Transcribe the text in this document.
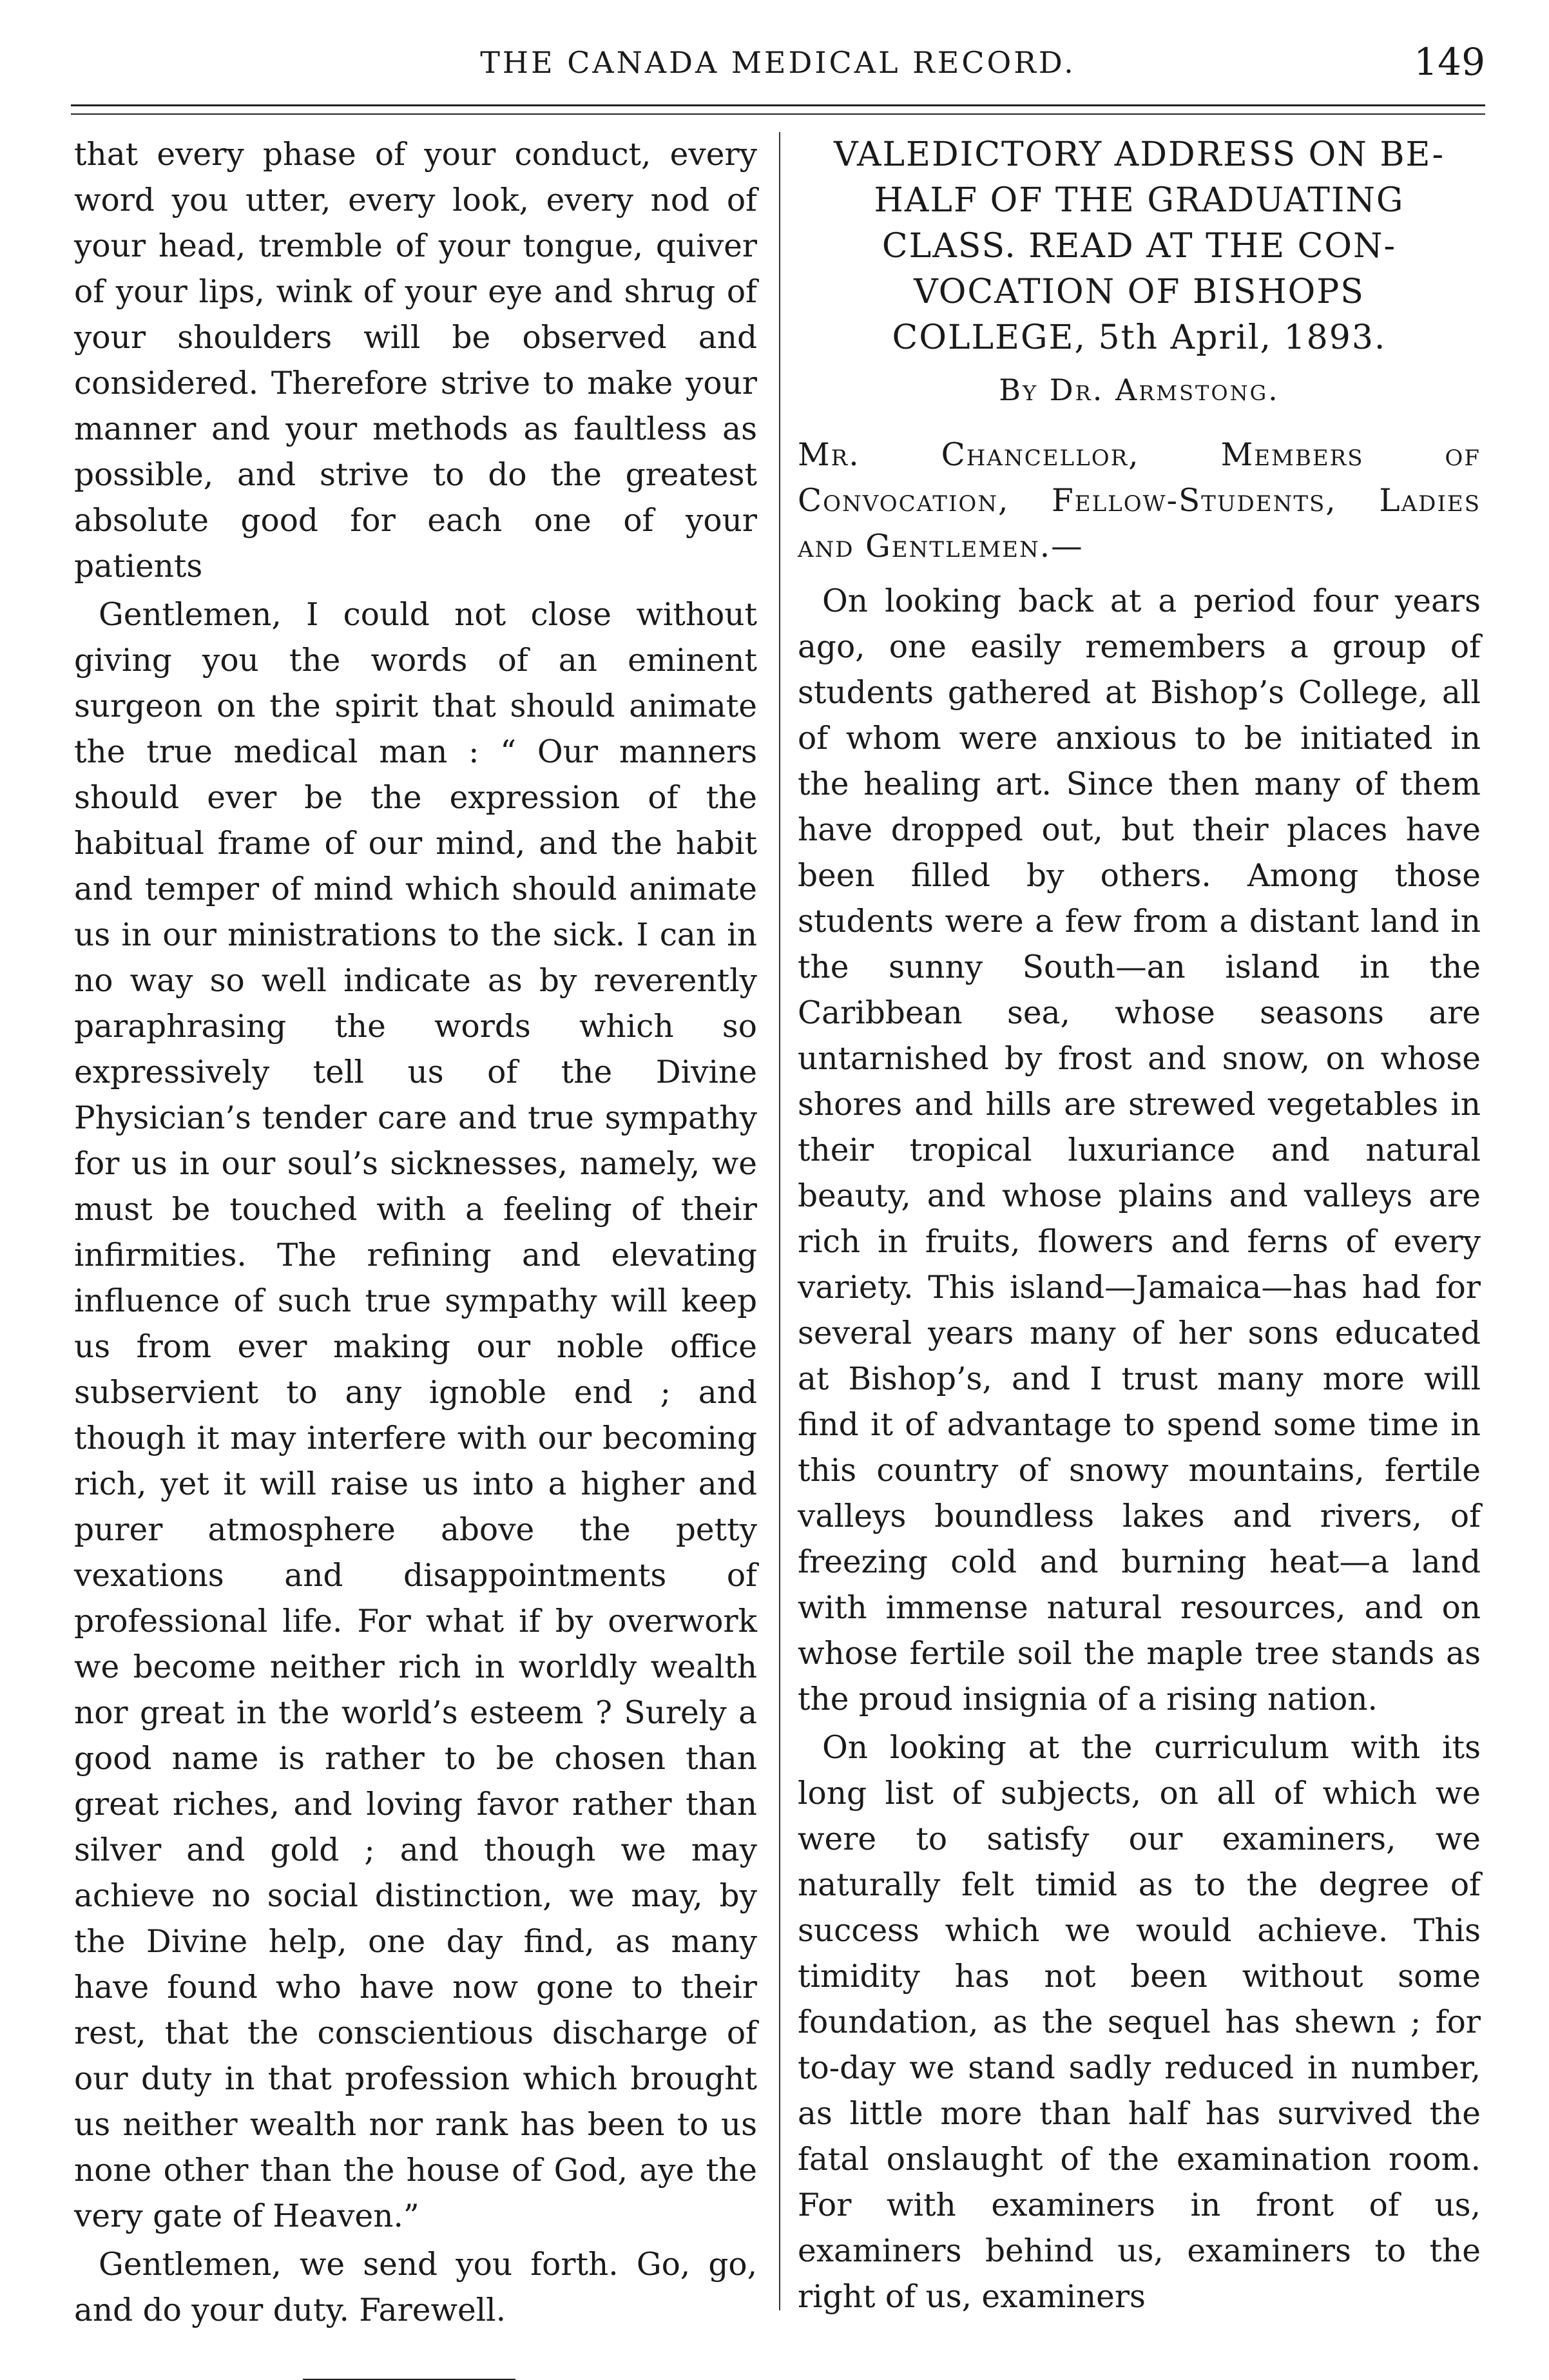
THE CANADA MEDICAL RECORD.	149

that every phase of your conduct, every word you utter, every look, every nod of your head, tremble of your tongue, quiver of your lips, wink of your eye and shrug of your shoulders will be observed and considered. Therefore strive to make your manner and your methods as faultless as possible, and strive to do the greatest absolute good for each one of your patients

Gentlemen, I could not close without giving you the words of an eminent surgeon on the spirit that should animate the true medical man : “ Our manners should ever be the expression of the habitual frame of our mind, and the habit and temper of mind which should animate us in our ministrations to the sick. I can in no way so well indicate as by reverently paraphrasing the words which so expressively tell us of the Divine Physician’s tender care and true sympathy for us in our soul’s sicknesses, namely, we must be touched with a feeling of their infirmities. The refining and elevating influence of such true sympathy will keep us from ever making our noble office subservient to any ignoble end ; and though it may interfere with our becoming rich, yet it will raise us into a higher and purer atmosphere above the petty vexations and disappointments of professional life. For what if by overwork we become neither rich in worldly wealth nor great in the world’s esteem ? Surely a good name is rather to be chosen than great riches, and loving favor rather than silver and gold ; and though we may achieve no social distinction, we may, by the Divine help, one day find, as many have found who have now gone to their rest, that the conscientious discharge of our duty in that profession which brought us neither wealth nor rank has been to us none other than the house of God, aye the very gate of Heaven.”

Gentlemen, we send you forth. Go, go, and do your duty. Farewell.

VALEDICTORY ADDRESS ON BE-
HALF OF THE GRADUATING
CLASS. READ AT THE CON-
VOCATION OF BISHOPS
COLLEGE, 5th April, 1893.
By Dr. Armstong.

Mr. Chancellor, Members of Convocation, Fellow-Students, Ladies and Gentlemen.—

On looking back at a period four years ago, one easily remembers a group of students gathered at Bishop’s College, all of whom were anxious to be initiated in the healing art. Since then many of them have dropped out, but their places have been filled by others. Among those students were a few from a distant land in the sunny South—an island in the Caribbean sea, whose seasons are untarnished by frost and snow, on whose shores and hills are strewed vegetables in their tropical luxuriance and natural beauty, and whose plains and valleys are rich in fruits, flowers and ferns of every variety. This island—Jamaica—has had for several years many of her sons educated at Bishop’s, and I trust many more will find it of advantage to spend some time in this country of snowy mountains, fertile valleys boundless lakes and rivers, of freezing cold and burning heat—a land with immense natural resources, and on whose fertile soil the maple tree stands as the proud insignia of a rising nation.

On looking at the curriculum with its long list of subjects, on all of which we were to satisfy our examiners, we naturally felt timid as to the degree of success which we would achieve. This timidity has not been without some foundation, as the sequel has shewn ; for to-day we stand sadly reduced in number, as little more than half has survived the fatal onslaught of the examination room. For with examiners in front of us, examiners behind us, examiners to the right of us, examiners
